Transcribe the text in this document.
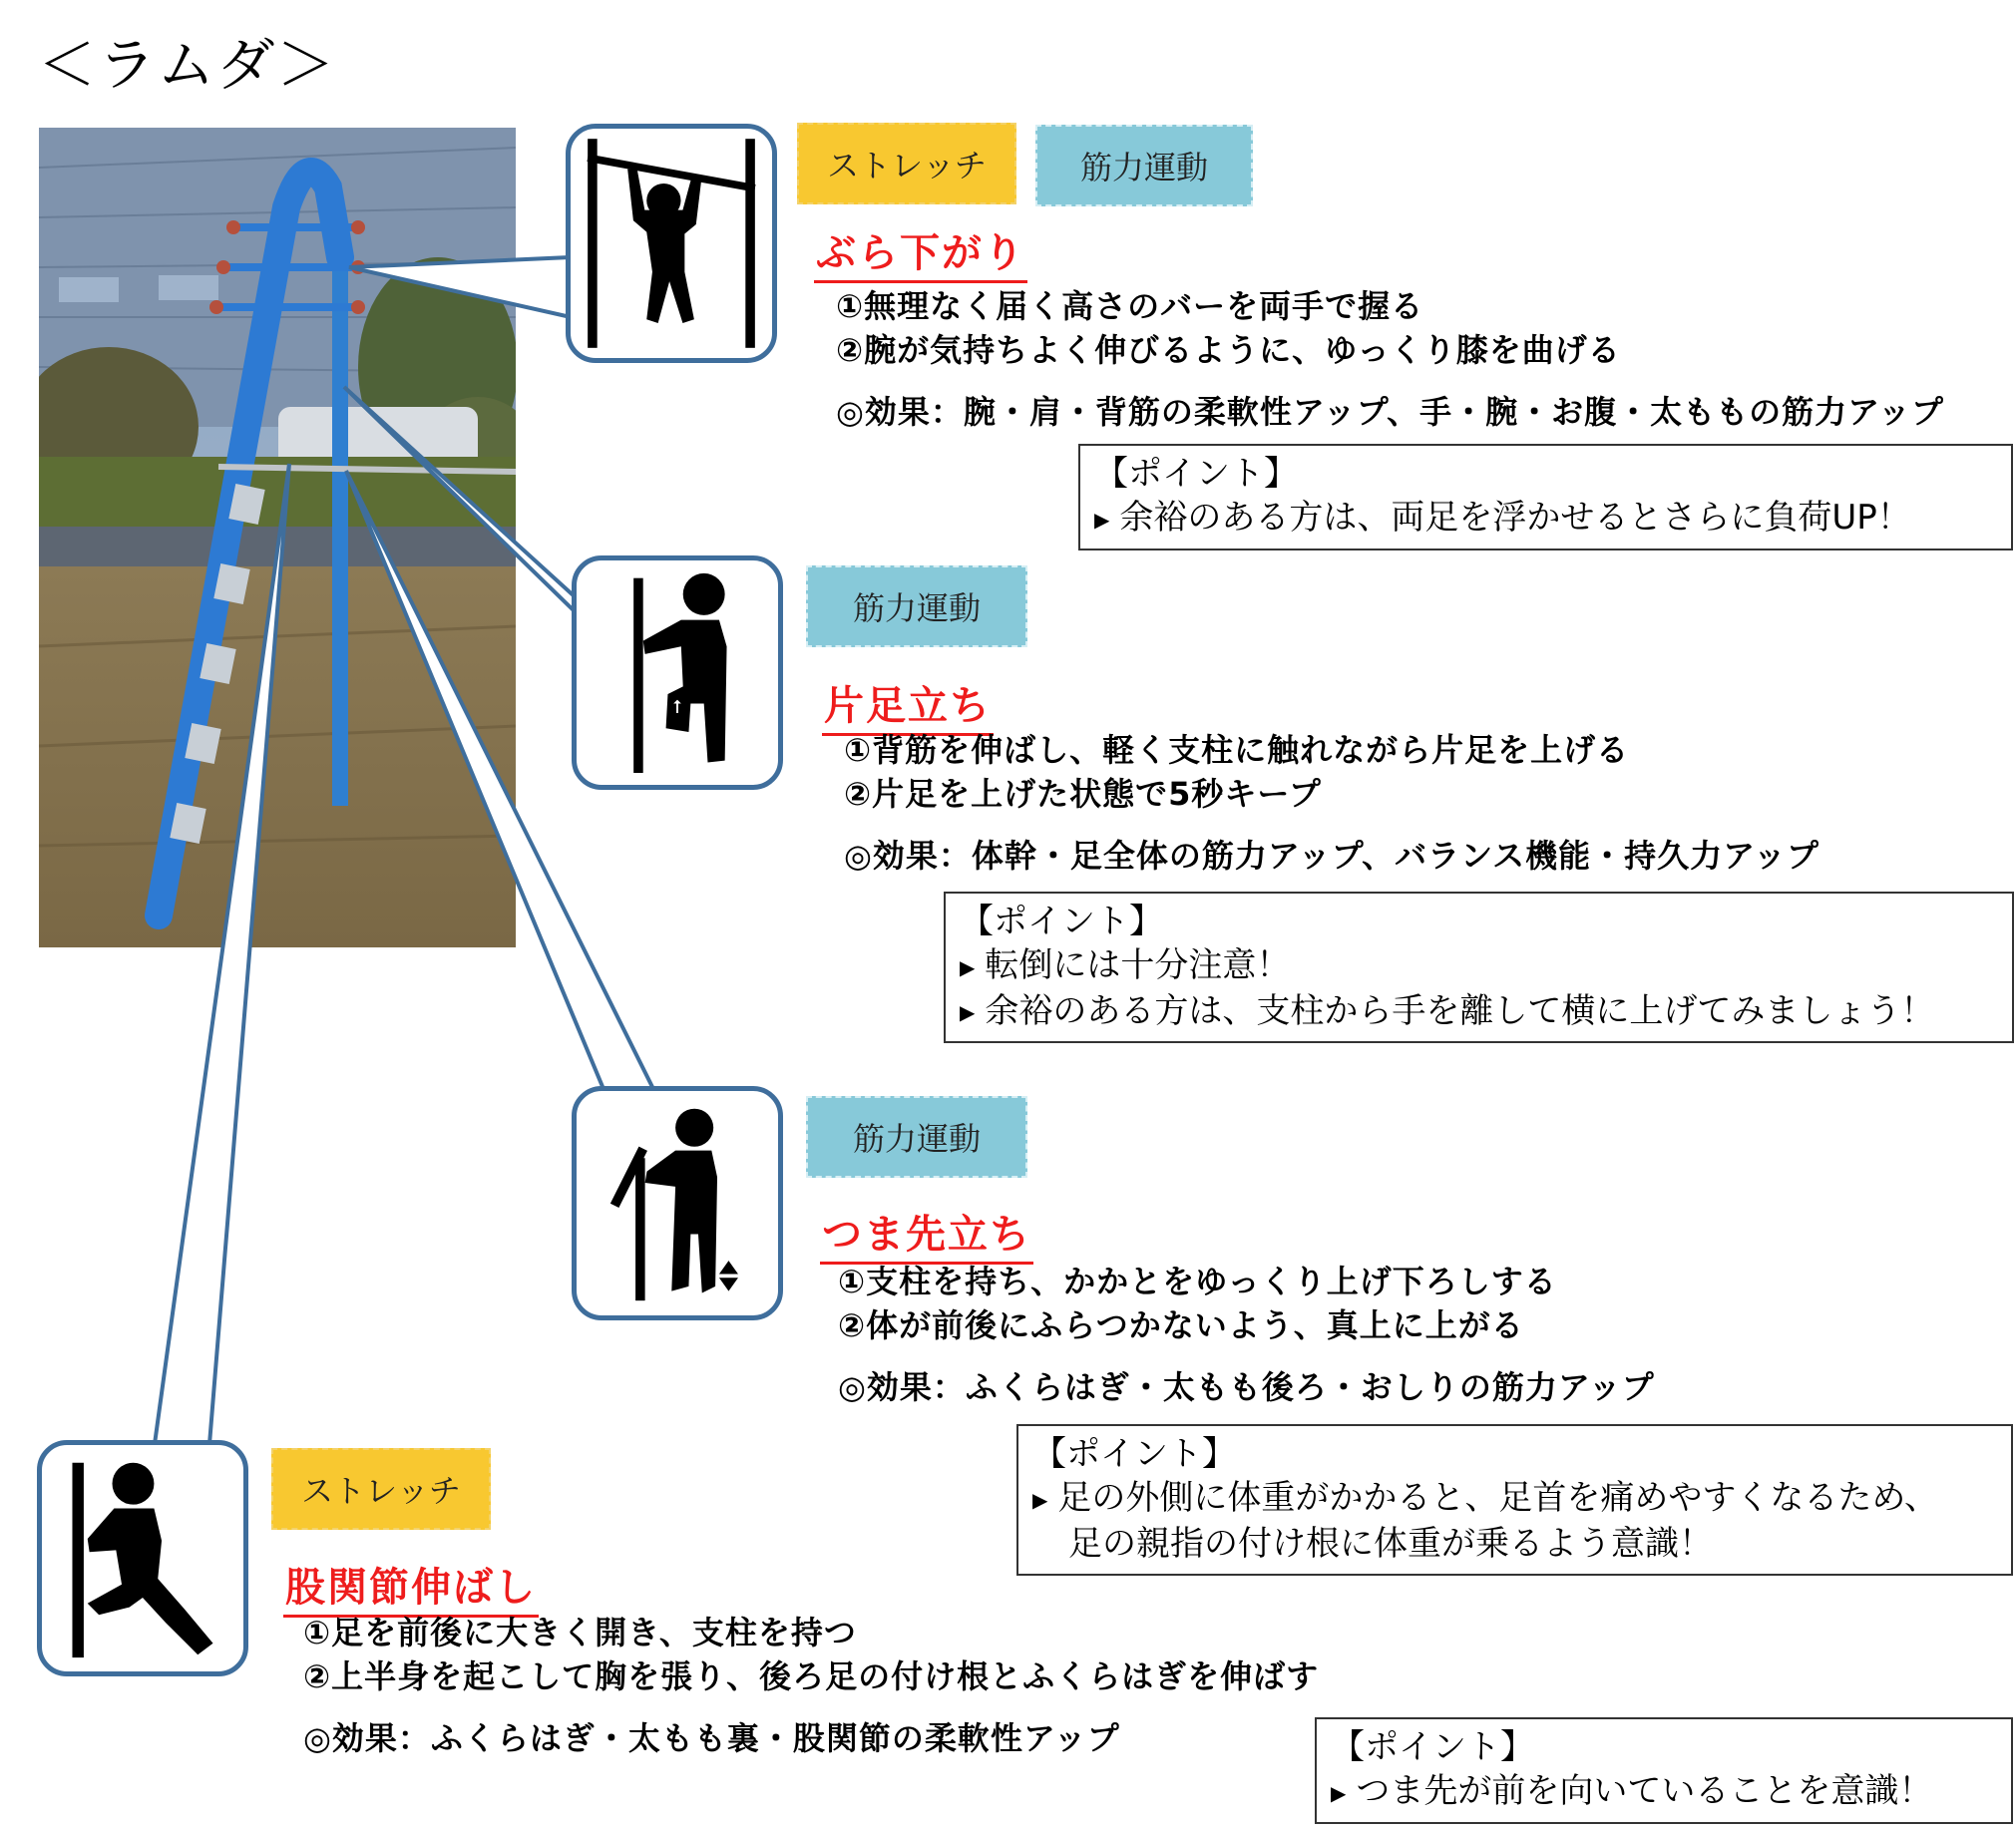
＜ラムダ＞
ストレッチ	筋力運動
ぶら下がり
①無理なく届く高さのバーを両手で握る
②腕が気持ちよく伸びるように、ゆっくり膝を曲げる
◎効果：腕・肩・背筋の柔軟性アップ、手・腕・お腹・太ももの筋力アップ
【ポイント】
▶ 余裕のある方は、両足を浮かせるとさらに負荷UP！
筋力運動
片足立ち
①背筋を伸ばし、軽く支柱に触れながら片足を上げる
②片足を上げた状態で5秒キープ
◎効果：体幹・足全体の筋力アップ、バランス機能・持久力アップ
【ポイント】
▶ 転倒には十分注意！
▶ 余裕のある方は、支柱から手を離して横に上げてみましょう！
筋力運動
つま先立ち
①支柱を持ち、かかとをゆっくり上げ下ろしする
②体が前後にふらつかないよう、真上に上がる
◎効果：ふくらはぎ・太もも後ろ・おしりの筋力アップ
【ポイント】
▶ 足の外側に体重がかかると、足首を痛めやすくなるため、
足の親指の付け根に体重が乗るよう意識！
ストレッチ
股関節伸ばし
①足を前後に大きく開き、支柱を持つ
②上半身を起こして胸を張り、後ろ足の付け根とふくらはぎを伸ばす
◎効果：ふくらはぎ・太もも裏・股関節の柔軟性アップ	【ポイント】
▶ つま先が前を向いていることを意識！
